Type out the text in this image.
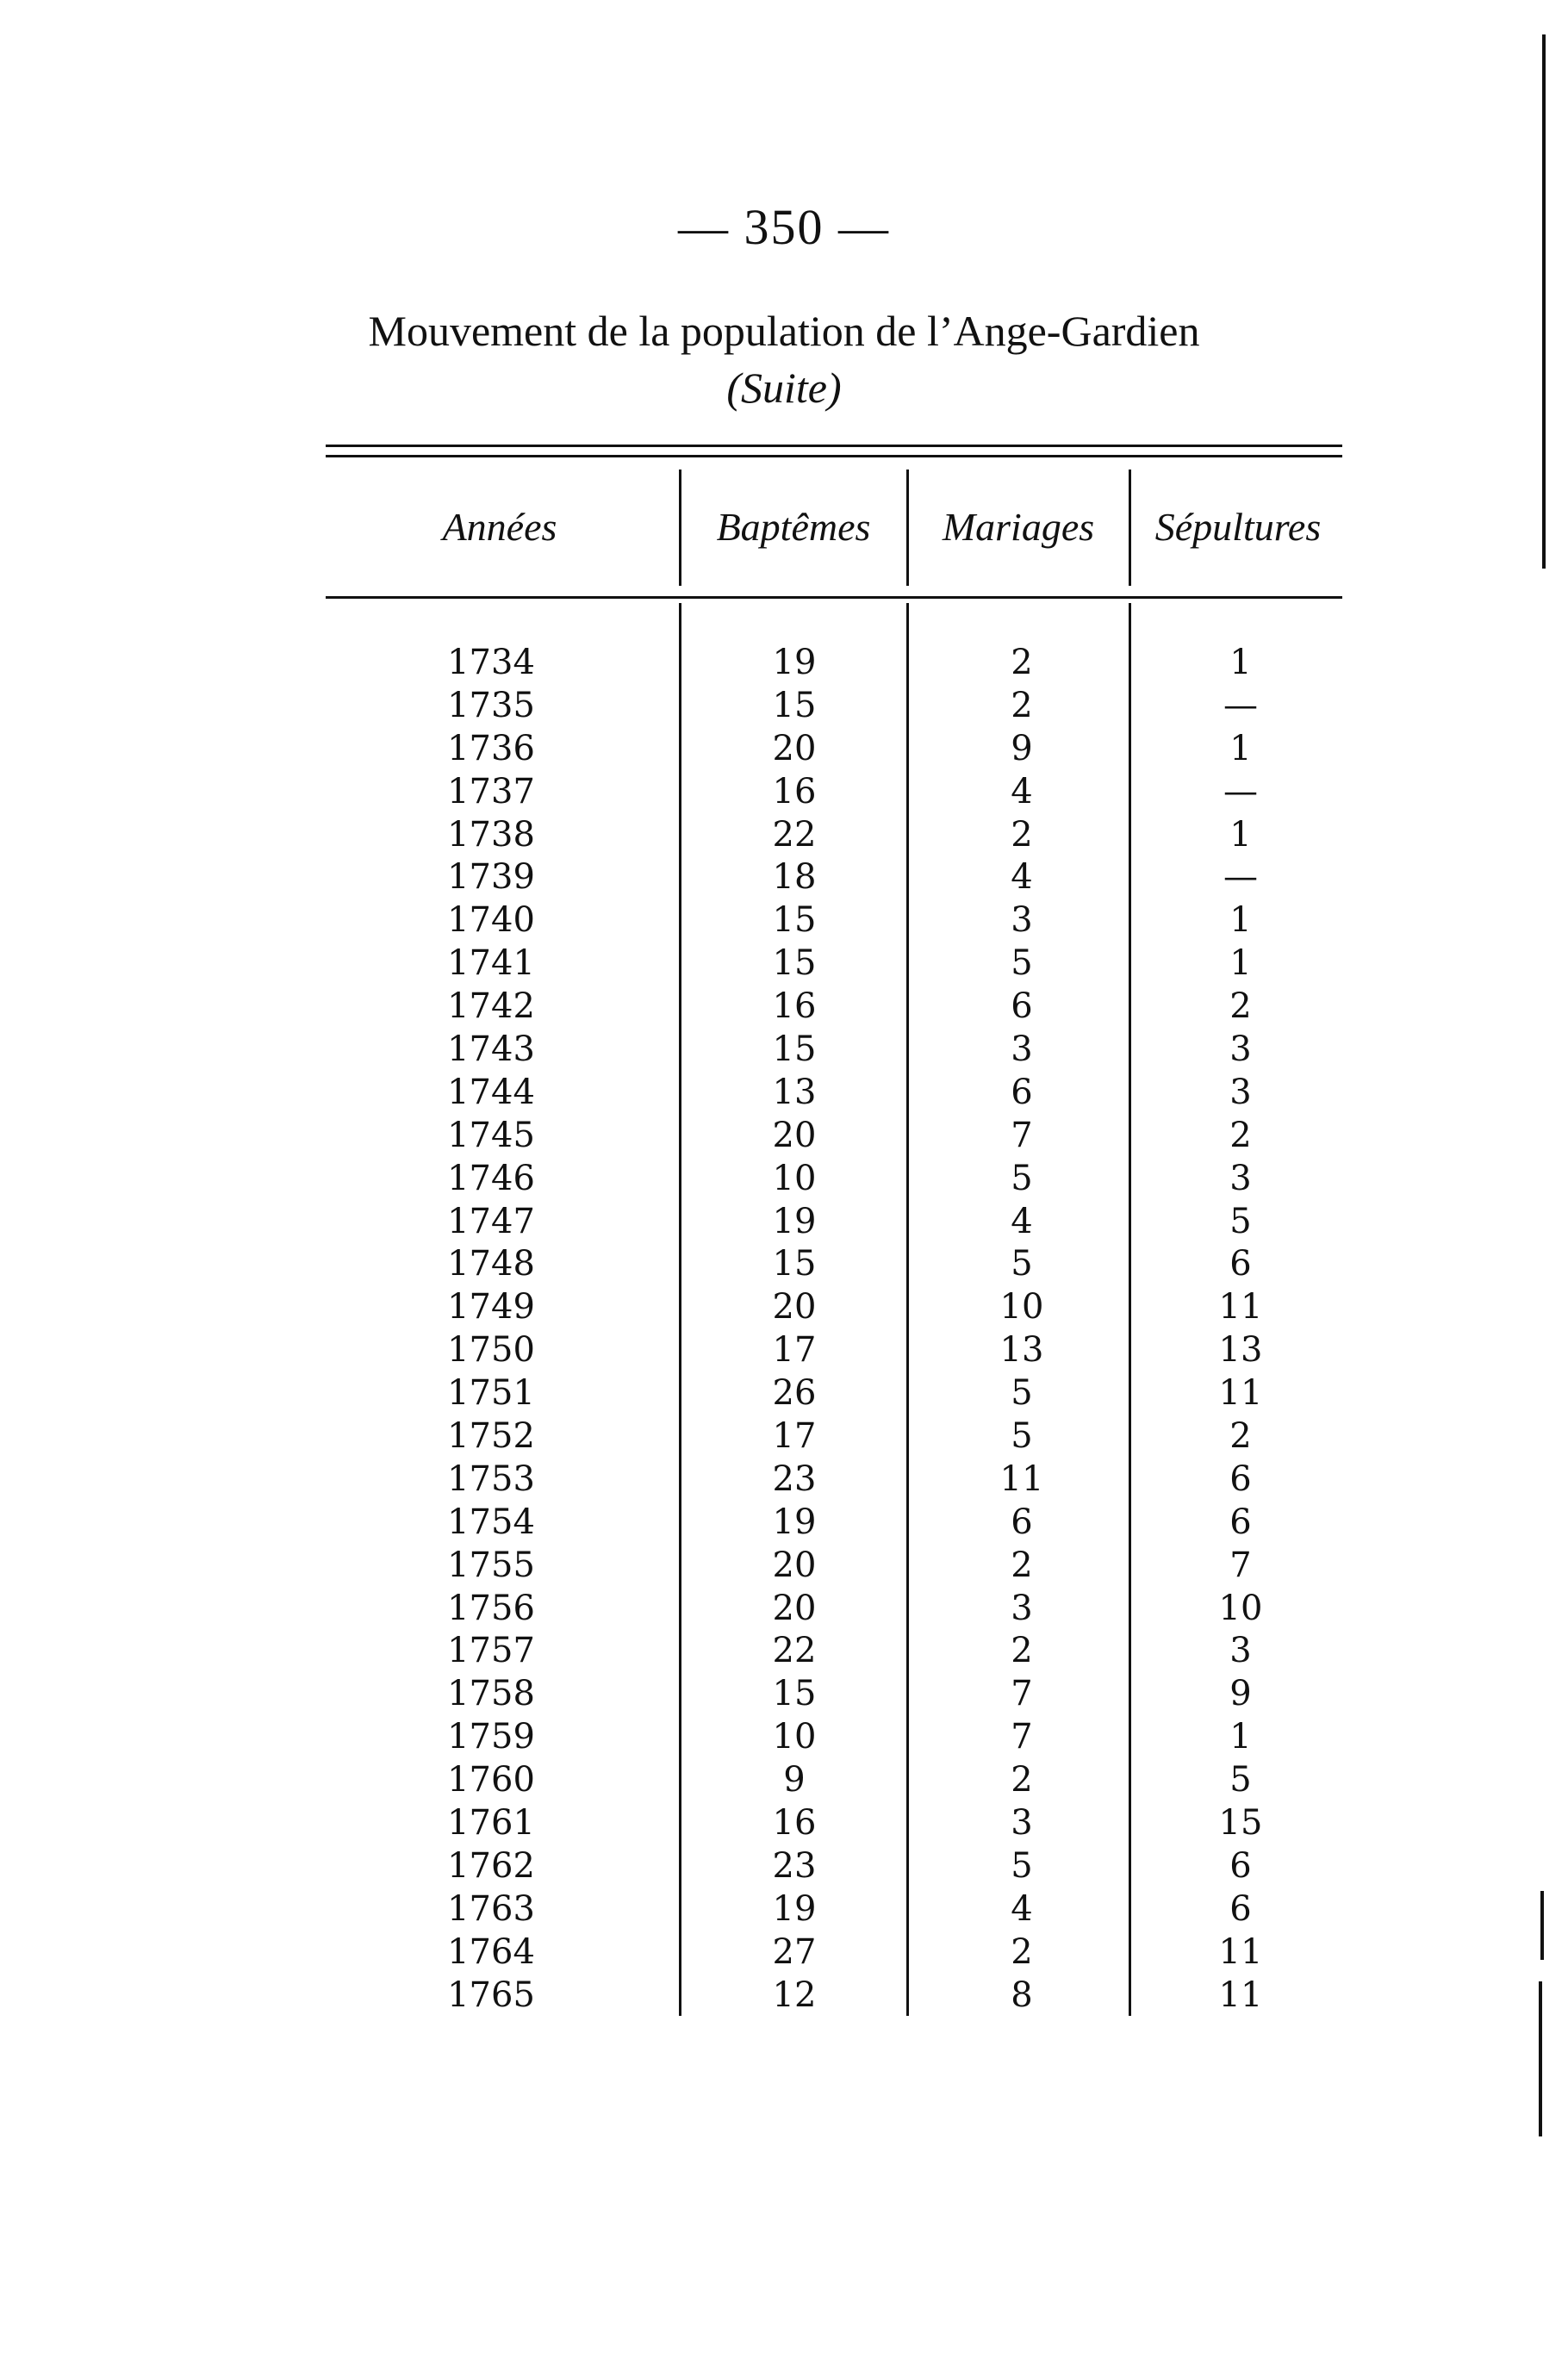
— 350 —
Mouvement de la population de l’Ange-Gardien
(Suite)
Années	Baptêmes	Mariages	Sépultures
1734	19	2	1
1735	15	2	—
1736	20	9	1
1737	16	4	—
1738	22	2	1
1739	18	4	—
1740	15	3	1
1741	15	5	1
1742	16	6	2
1743	15	3	3
1744	13	6	3
1745	20	7	2
1746	10	5	3
1747	19	4	5
1748	15	5	6
1749	20	10	11
1750	17	13	13
1751	26	5	11
1752	17	5	2
1753	23	11	6
1754	19	6	6
1755	20	2	7
1756	20	3	10
1757	22	2	3
1758	15	7	9
1759	10	7	1
1760	9	2	5
1761	16	3	15
1762	23	5	6
1763	19	4	6
1764	27	2	11
1765	12	8	11
